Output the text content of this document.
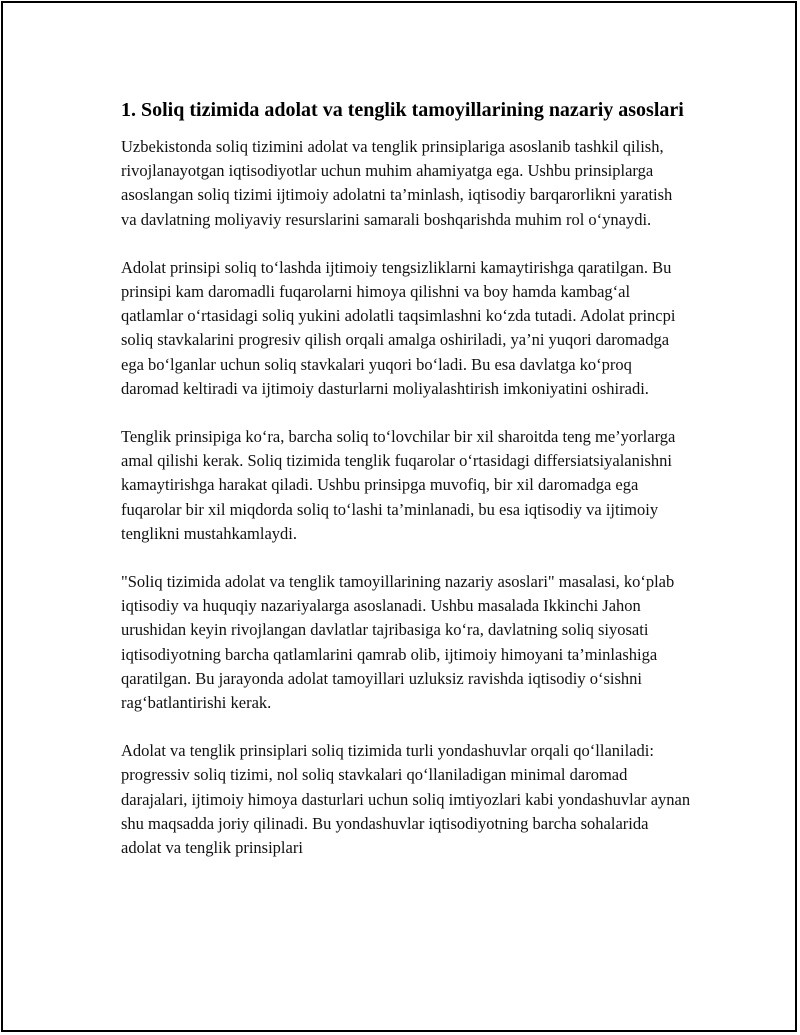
1. Soliq tizimida adolat va tenglik tamoyillarining nazariy asoslari

Uzbekistonda soliq tizimini adolat va tenglik prinsiplariga asoslanib tashkil qilish, rivojlanayotgan iqtisodiyotlar uchun muhim ahamiyatga ega. Ushbu prinsiplarga asoslangan soliq tizimi ijtimoiy adolatni ta’minlash, iqtisodiy barqarorlikni yaratish va davlatning moliyaviy resurslarini samarali boshqarishda muhim rol o‘ynaydi.

Adolat prinsipi soliq to‘lashda ijtimoiy tengsizliklarni kamaytirishga qaratilgan. Bu prinsipi kam daromadli fuqarolarni himoya qilishni va boy hamda kambag‘al qatlamlar o‘rtasidagi soliq yukini adolatli taqsimlashni ko‘zda tutadi. Adolat princpi soliq stavkalarini progresiv qilish orqali amalga oshiriladi, ya’ni yuqori daromadga ega bo‘lganlar uchun soliq stavkalari yuqori bo‘ladi. Bu esa davlatga ko‘proq daromad keltiradi va ijtimoiy dasturlarni moliyalashtirish imkoniyatini oshiradi.

Tenglik prinsipiga ko‘ra, barcha soliq to‘lovchilar bir xil sharoitda teng me’yorlarga amal qilishi kerak. Soliq tizimida tenglik fuqarolar o‘rtasidagi differsiatsiyalanishni kamaytirishga harakat qiladi. Ushbu prinsipga muvofiq, bir xil daromadga ega fuqarolar bir xil miqdorda soliq to‘lashi ta’minlanadi, bu esa iqtisodiy va ijtimoiy tenglikni mustahkamlaydi.

"Soliq tizimida adolat va tenglik tamoyillarining nazariy asoslari" masalasi, ko‘plab iqtisodiy va huquqiy nazariyalarga asoslanadi. Ushbu masalada Ikkinchi Jahon urushidan keyin rivojlangan davlatlar tajribasiga ko‘ra, davlatning soliq siyosati iqtisodiyotning barcha qatlamlarini qamrab olib, ijtimoiy himoyani ta’minlashiga qaratilgan. Bu jarayonda adolat tamoyillari uzluksiz ravishda iqtisodiy o‘sishni rag‘batlantirishi kerak.

Adolat va tenglik prinsiplari soliq tizimida turli yondashuvlar orqali qo‘llaniladi: progressiv soliq tizimi, nol soliq stavkalari qo‘llaniladigan minimal daromad darajalari, ijtimoiy himoya dasturlari uchun soliq imtiyozlari kabi yondashuvlar aynan shu maqsadda joriy qilinadi. Bu yondashuvlar iqtisodiyotning barcha sohalarida adolat va tenglik prinsiplari
